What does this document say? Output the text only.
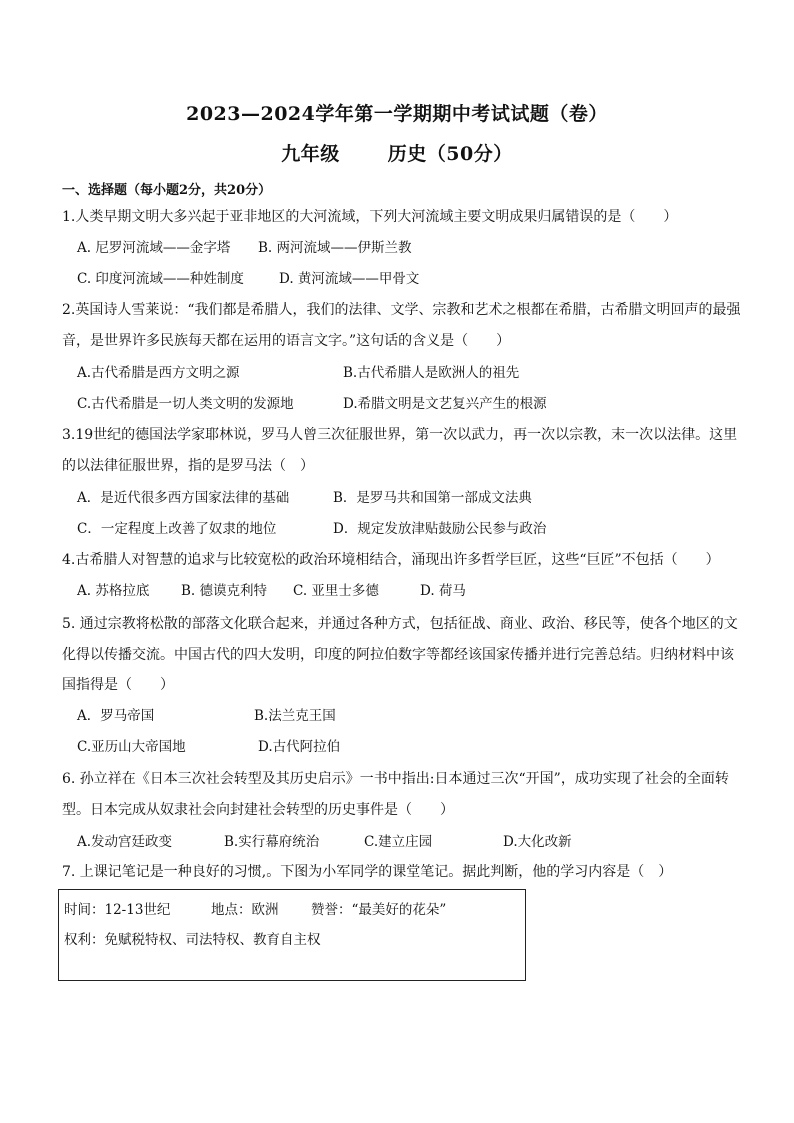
2023—2024学年第一学期期中考试试题（卷）
九年级	历史（50分）
一、选择题（每小题2分，共20分）
1.人类早期文明大多兴起于亚非地区的大河流域，下列大河流域主要文明成果归属错误的是（　　）
A. 尼罗河流域——金字塔 B. 两河流域——伊斯兰教
C. 印度河流域——种姓制度	D. 黄河流域——甲骨文
2.英国诗人雪莱说：“我们都是希腊人，我们的法律、文学、宗教和艺术之根都在希腊，古希腊文明回声的最强音，是世界许多民族每天都在运用的语言文字。”这句话的含义是（　　）
A.古代希腊是西方文明之源	B.古代希腊人是欧洲人的祖先
C.古代希腊是一切人类文明的发源地	D.希腊文明是文艺复兴产生的根源
3.19世纪的德国法学家耶林说，罗马人曾三次征服世界，第一次以武力，再一次以宗教，末一次以法律。这里的以法律征服世界，指的是罗马法（　）
A．是近代很多西方国家法律的基础	B．是罗马共和国第一部成文法典
C．一定程度上改善了奴隶的地位	D．规定发放津贴鼓励公民参与政治
4.古希腊人对智慧的追求与比较宽松的政治环境相结合，涌现出许多哲学巨匠，这些“巨匠”不包括（　　）
A. 苏格拉底 B. 德谟克利特 C. 亚里士多德	D. 荷马
5. 通过宗教将松散的部落文化联合起来，并通过各种方式，包括征战、商业、政治、移民等，使各个地区的文化得以传播交流。中国古代的四大发明，印度的阿拉伯数字等都经该国家传播并进行完善总结。归纳材料中该国指得是（　　）
A．罗马帝国	B.法兰克王国
C.亚历山大帝国地	D.古代阿拉伯
6. 孙立祥在《日本三次社会转型及其历史启示》一书中指出:日本通过三次“开国”，成功实现了社会的全面转型。日本完成从奴隶社会向封建社会转型的历史事件是（　　）
A.发动宫廷政变	B.实行幕府统治	C.建立庄园	D.大化改新
7. 上课记笔记是一种良好的习惯,。下图为小军同学的课堂笔记。据此判断，他的学习内容是（　）
时间：12-13世纪	地点：欧洲 赞誉：“最美好的花朵”
权利：免赋税特权、司法特权、教育自主权
